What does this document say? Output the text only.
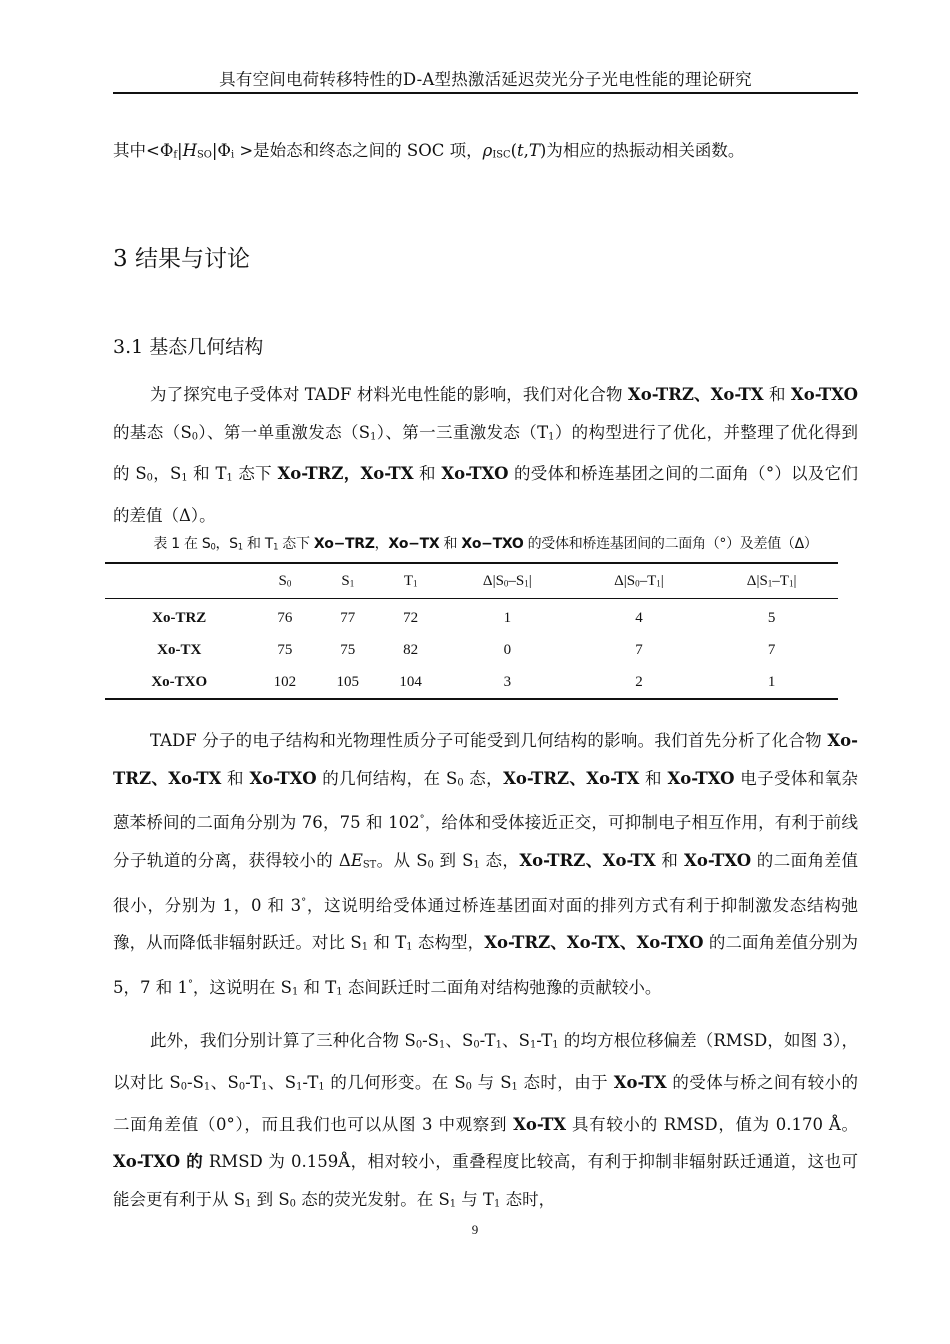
具有空间电荷转移特性的D-A型热激活延迟荧光分子光电性能的理论研究
其中<Φf|HSO|Φi >是始态和终态之间的 SOC 项，ρISC(t,T)为相应的热振动相关函数。
3 结果与讨论
3.1 基态几何结构
为了探究电子受体对 TADF 材料光电性能的影响，我们对化合物 Xo-TRZ、Xo-TX 和 Xo-TXO 的基态（S0）、第一单重激发态（S1）、第一三重激发态（T1）的构型进行了优化，并整理了优化得到的 S0，S1 和 T1 态下 Xo-TRZ，Xo-TX 和 Xo-TXO 的受体和桥连基团之间的二面角（°）以及它们的差值（Δ）。
表 1 在 S0，S1 和 T1 态下 Xo−TRZ，Xo−TX 和 Xo−TXO 的受体和桥连基团间的二面角（°）及差值（Δ）
	S0	S1	T1	Δ|S0–S1|	Δ|S0–T1|	Δ|S1–T1|
Xo-TRZ	76	77	72	1	4	5
Xo-TX	75	75	82	0	7	7
Xo-TXO	102	105	104	3	2	1
TADF 分子的电子结构和光物理性质分子可能受到几何结构的影响。我们首先分析了化合物 Xo-TRZ、Xo-TX 和 Xo-TXO 的几何结构，在 S0 态，Xo-TRZ、Xo-TX 和 Xo-TXO 电子受体和氧杂蒽苯桥间的二面角分别为 76，75 和 102°，给体和受体接近正交，可抑制电子相互作用，有利于前线分子轨道的分离，获得较小的 ΔEST。从 S0 到 S1 态，Xo-TRZ、Xo-TX 和 Xo-TXO 的二面角差值很小，分别为 1，0 和 3°，这说明给受体通过桥连基团面对面的排列方式有利于抑制激发态结构弛豫，从而降低非辐射跃迁。对比 S1 和 T1 态构型，Xo-TRZ、Xo-TX、Xo-TXO 的二面角差值分别为 5，7 和 1°，这说明在 S1 和 T1 态间跃迁时二面角对结构弛豫的贡献较小。
此外，我们分别计算了三种化合物 S0-S1、S0-T1、S1-T1 的均方根位移偏差（RMSD，如图 3），以对比 S0-S1、S0-T1、S1-T1 的几何形变。在 S0 与 S1 态时，由于 Xo-TX 的受体与桥之间有较小的二面角差值（0°），而且我们也可以从图 3 中观察到 Xo-TX 具有较小的 RMSD，值为 0.170 Å。Xo-TXO 的 RMSD 为 0.159Å，相对较小，重叠程度比较高，有利于抑制非辐射跃迁通道，这也可能会更有利于从 S1 到 S0 态的荧光发射。在 S1 与 T1 态时，
9
